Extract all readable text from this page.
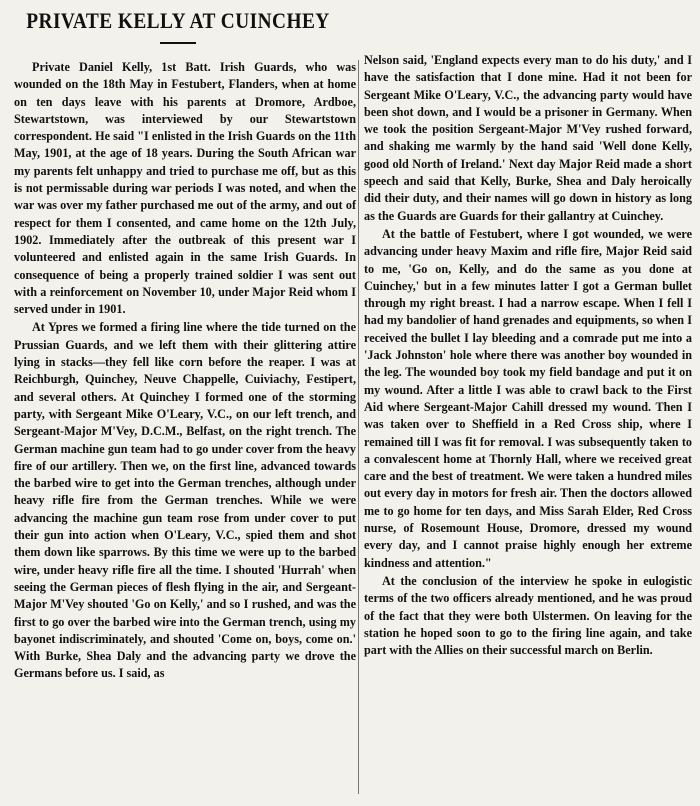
PRIVATE KELLY AT CUINCHEY

Private Daniel Kelly, 1st Batt. Irish Guards, who was wounded on the 18th May in Festubert, Flanders, when at home on ten days leave with his parents at Dromore, Ardboe, Stewartstown, was interviewed by our Stewartstown correspondent. He said "I enlisted in the Irish Guards on the 11th May, 1901, at the age of 18 years. During the South African war my parents felt unhappy and tried to purchase me off, but as this is not permissable during war periods I was noted, and when the war was over my father purchased me out of the army, and out of respect for them I consented, and came home on the 12th July, 1902. Immediately after the outbreak of this present war I volunteered and enlisted again in the same Irish Guards. In consequence of being a properly trained soldier I was sent out with a reinforcement on November 10, under Major Reid whom I served under in 1901.

At Ypres we formed a firing line where the tide turned on the Prussian Guards, and we left them with their glittering attire lying in stacks—they fell like corn before the reaper. I was at Reichburgh, Quinchey, Neuve Chappelle, Cuiviachy, Festipert, and several others. At Quinchey I formed one of the storming party, with Sergeant Mike O'Leary, V.C., on our left trench, and Sergeant-Major M'Vey, D.C.M., Belfast, on the right trench. The German machine gun team had to go under cover from the heavy fire of our artillery. Then we, on the first line, advanced towards the barbed wire to get into the German trenches, although under heavy rifle fire from the German trenches. While we were advancing the machine gun team rose from under cover to put their gun into action when O'Leary, V.C., spied them and shot them down like sparrows. By this time we were up to the barbed wire, under heavy rifle fire all the time. I shouted 'Hurrah' when seeing the German pieces of flesh flying in the air, and Sergeant-Major M'Vey shouted 'Go on Kelly,' and so I rushed, and was the first to go over the barbed wire into the German trench, using my bayonet indiscriminately, and shouted 'Come on, boys, come on.' With Burke, Shea Daly and the advancing party we drove the Germans before us. I said, as

Nelson said, 'England expects every man to do his duty,' and I have the satisfaction that I done mine. Had it not been for Sergeant Mike O'Leary, V.C., the advancing party would have been shot down, and I would be a prisoner in Germany. When we took the position Sergeant-Major M'Vey rushed forward, and shaking me warmly by the hand said 'Well done Kelly, good old North of Ireland.' Next day Major Reid made a short speech and said that Kelly, Burke, Shea and Daly heroically did their duty, and their names will go down in history as long as the Guards are Guards for their gallantry at Cuinchey.

At the battle of Festubert, where I got wounded, we were advancing under heavy Maxim and rifle fire, Major Reid said to me, 'Go on, Kelly, and do the same as you done at Cuinchey,' but in a few minutes latter I got a German bullet through my right breast. I had a narrow escape. When I fell I had my bandolier of hand grenades and equipments, so when I received the bullet I lay bleeding and a comrade put me into a 'Jack Johnston' hole where there was another boy wounded in the leg. The wounded boy took my field bandage and put it on my wound. After a little I was able to crawl back to the First Aid where Sergeant-Major Cahill dressed my wound. Then I was taken over to Sheffield in a Red Cross ship, where I remained till I was fit for removal. I was subsequently taken to a convalescent home at Thornly Hall, where we received great care and the best of treatment. We were taken a hundred miles out every day in motors for fresh air. Then the doctors allowed me to go home for ten days, and Miss Sarah Elder, Red Cross nurse, of Rosemount House, Dromore, dressed my wound every day, and I cannot praise highly enough her extreme kindness and attention."

At the conclusion of the interview he spoke in eulogistic terms of the two officers already mentioned, and he was proud of the fact that they were both Ulstermen. On leaving for the station he hoped soon to go to the firing line again, and take part with the Allies on their successful march on Berlin.
